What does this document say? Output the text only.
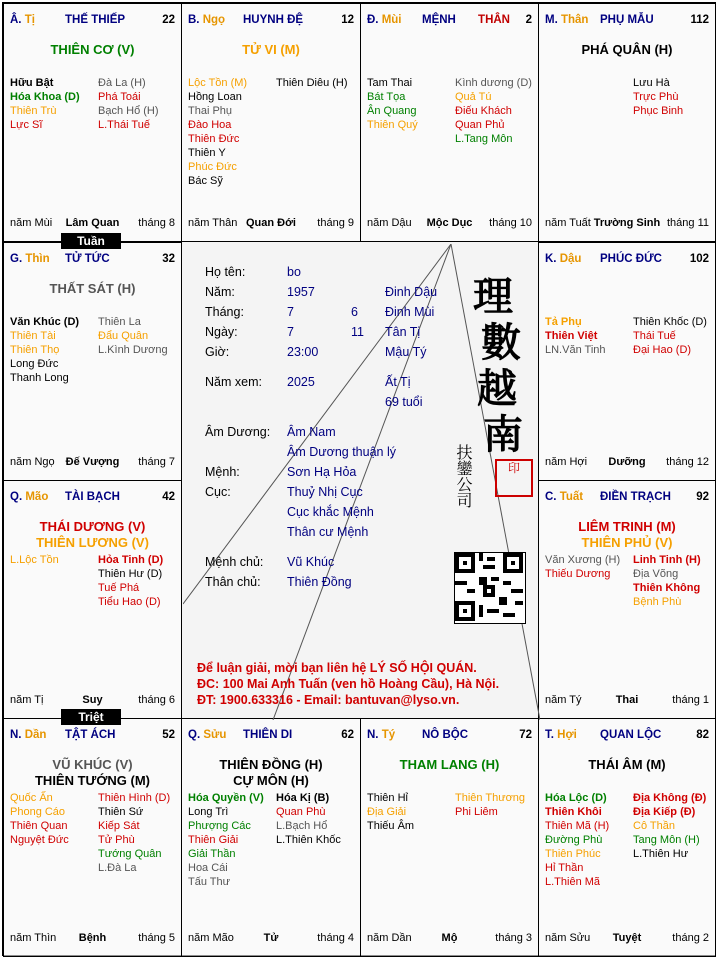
Â. Tị	THẾ THIẾP	22
THIÊN CƠ (V)
Hữu Bật
Hóa Khoa (D)
Thiên Trù
Lực Sĩ
Đà La (H)
Phá Toái
Bạch Hổ (H)
L.Thái Tuế
năm Mùi	Lâm Quan	tháng 8
B. Ngọ HUYNH ĐỆ	12
TỬ VI (M)
Lộc Tồn (M)
Hồng Loan
Thai Phụ
Đào Hoa
Thiên Đức
Thiên Y
Phúc Đức
Bác Sỹ
Thiên Diêu (H)
năm Thân Quan Đới	tháng 9
Đ. Mùi MỆNH THÂN 2
Tam Thai
Bát Tọa
Ân Quang
Thiên Quý
Kình dương (D)
Quả Tú
Điếu Khách
Quan Phủ
L.Tang Môn
năm Dậu	Mộc Dục	tháng 10
M. Thân PHỤ MẪU	112
PHÁ QUÂN (H)
Lưu Hà
Trực Phù
Phục Binh
năm Tuất Trường Sinh tháng 11
G. Thìn TỬ TỨC	32
THẤT SÁT (H)
Văn Khúc (D)
Thiên Tài
Thiên Thọ
Long Đức
Thanh Long
Thiên La
Đẩu Quân
L.Kình Dương
năm Ngọ	Đế Vượng	tháng 7
K. Dậu PHÚC ĐỨC 102
Tả Phụ
Thiên Việt
LN.Văn Tinh
Thiên Khốc (D)
Thái Tuế
Đại Hao (D)
năm Hợi	Dưỡng	tháng 12
Q. Mão TÀI BẠCH	42
THÁI DƯƠNG (V)
THIÊN LƯƠNG (V)
L.Lộc Tồn	Hỏa Tinh (D)
Thiên Hư (D)
Tuế Phá
Tiểu Hao (D)
năm Tị	Suy	tháng 6
C. Tuất ĐIỀN TRẠCH 92
LIÊM TRINH (M)
THIÊN PHỦ (V)
Văn Xương (H)
Thiếu Dương
Linh Tinh (H)
Địa Võng
Thiên Không
Bệnh Phù
năm Tý	Thai	tháng 1
N. Dần TẬT ÁCH	52
VŨ KHÚC (V)
THIÊN TƯỚNG (M)
Quốc Ấn
Phong Cáo
Thiên Quan
Nguyệt Đức
Thiên Hình (D)
Thiên Sứ
Kiếp Sát
Tử Phù
Tướng Quân
L.Đà La
năm Thìn	Bệnh	tháng 5
Q. Sửu THIÊN DI	62
THIÊN ĐỒNG (H)
CỰ MÔN (H)
Hóa Quyền (V)
Long Trì
Phượng Các
Thiên Giải
Giải Thần
Hoa Cái
Tấu Thư
Hóa Kị (B)
Quan Phù
L.Bạch Hổ
L.Thiên Khốc
năm Mão	Tử	tháng 4
N. Tý NÔ BỘC	72
THAM LANG (H)
Thiên Hỉ
Địa Giải
Thiếu Âm
Thiên Thương
Phi Liêm
năm Dần	Mộ	tháng 3
T. Hợi QUAN LỘC	82
THÁI ÂM (M)
Hóa Lộc (D)
Thiên Khôi
Thiên Mã (H)
Đường Phù
Thiên Phúc
Hỉ Thần
L.Thiên Mã
Địa Không (Đ)
Địa Kiếp (Đ)
Cô Thần
Tang Môn (H)
L.Thiên Hư
năm Sửu	Tuyệt	tháng 2
Tuần
Triệt
Họ tên:	bo
Năm:	1957	Đinh Dậu
Tháng:	7	6 Đinh Mùi
Ngày:	7	11 Tân Tị
Giờ:	23:00	Mậu Tý
Năm xem: 2025	Ất Tị
69 tuổi
Âm Dương: Âm Nam
Âm Dương thuận lý
Mệnh:	Sơn Hạ Hỏa
Cục:	Thuỷ Nhị Cục
Cục khắc Mệnh
Thân cư Mệnh
Mệnh chủ: Vũ Khúc
Thân chủ: Thiên Đồng
理
數
越
南
扶鑾公司	印
Để luận giải, mời bạn liên hệ LÝ SỐ HỘI QUÁN.
ĐC: 100 Mai Anh Tuấn (ven hồ Hoàng Cầu), Hà Nội.
ĐT: 1900.633316 - Email: bantuvan@lyso.vn.
